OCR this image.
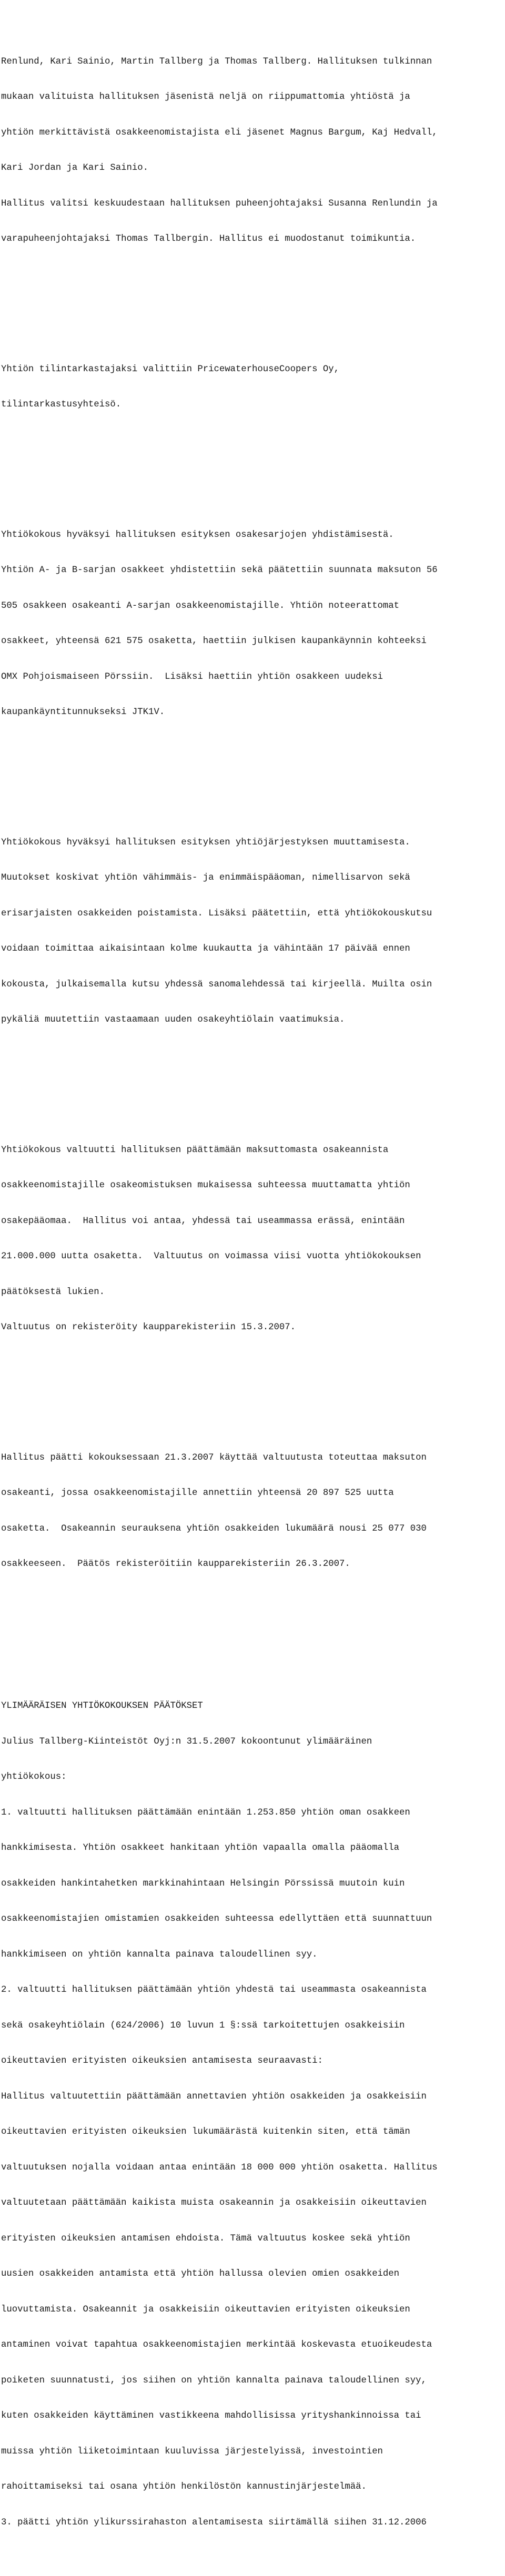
Renlund, Kari Sainio, Martin Tallberg ja Thomas Tallberg. Hallituksen tulkinnan

mukaan valituista hallituksen jäsenistä neljä on riippumattomia yhtiöstä ja

yhtiön merkittävistä osakkeenomistajista eli jäsenet Magnus Bargum, Kaj Hedvall,

Kari Jordan ja Kari Sainio.

Hallitus valitsi keskuudestaan hallituksen puheenjohtajaksi Susanna Renlundin ja

varapuheenjohtajaksi Thomas Tallbergin. Hallitus ei muodostanut toimikuntia.

Yhtiön tilintarkastajaksi valittiin PricewaterhouseCoopers Oy,

tilintarkastusyhteisö.

Yhtiökokous hyväksyi hallituksen esityksen osakesarjojen yhdistämisestä.

Yhtiön A- ja B-sarjan osakkeet yhdistettiin sekä päätettiin suunnata maksuton 56

505 osakkeen osakeanti A-sarjan osakkeenomistajille. Yhtiön noteerattomat

osakkeet, yhteensä 621 575 osaketta, haettiin julkisen kaupankäynnin kohteeksi

OMX Pohjoismaiseen Pörssiin.  Lisäksi haettiin yhtiön osakkeen uudeksi

kaupankäyntitunnukseksi JTK1V.

Yhtiökokous hyväksyi hallituksen esityksen yhtiöjärjestyksen muuttamisesta.

Muutokset koskivat yhtiön vähimmäis- ja enimmäispääoman, nimellisarvon sekä

erisarjaisten osakkeiden poistamista. Lisäksi päätettiin, että yhtiökokouskutsu

voidaan toimittaa aikaisintaan kolme kuukautta ja vähintään 17 päivää ennen

kokousta, julkaisemalla kutsu yhdessä sanomalehdessä tai kirjeellä. Muilta osin

pykäliä muutettiin vastaamaan uuden osakeyhtiölain vaatimuksia.

Yhtiökokous valtuutti hallituksen päättämään maksuttomasta osakeannista

osakkeenomistajille osakeomistuksen mukaisessa suhteessa muuttamatta yhtiön

osakepääomaa.  Hallitus voi antaa, yhdessä tai useammassa erässä, enintään

21.000.000 uutta osaketta.  Valtuutus on voimassa viisi vuotta yhtiökokouksen

päätöksestä lukien.

Valtuutus on rekisteröity kaupparekisteriin 15.3.2007.

Hallitus päätti kokouksessaan 21.3.2007 käyttää valtuutusta toteuttaa maksuton

osakeanti, jossa osakkeenomistajille annettiin yhteensä 20 897 525 uutta

osaketta.  Osakeannin seurauksena yhtiön osakkeiden lukumäärä nousi 25 077 030

osakkeeseen.  Päätös rekisteröitiin kaupparekisteriin 26.3.2007.

YLIMÄÄRÄISEN YHTIÖKOKOUKSEN PÄÄTÖKSET

Julius Tallberg-Kiinteistöt Oyj:n 31.5.2007 kokoontunut ylimääräinen

yhtiökokous:

1. valtuutti hallituksen päättämään enintään 1.253.850 yhtiön oman osakkeen

hankkimisesta. Yhtiön osakkeet hankitaan yhtiön vapaalla omalla pääomalla

osakkeiden hankintahetken markkinahintaan Helsingin Pörssissä muutoin kuin

osakkeenomistajien omistamien osakkeiden suhteessa edellyttäen että suunnattuun

hankkimiseen on yhtiön kannalta painava taloudellinen syy.

2. valtuutti hallituksen päättämään yhtiön yhdestä tai useammasta osakeannista

sekä osakeyhtiölain (624/2006) 10 luvun 1 §:ssä tarkoitettujen osakkeisiin

oikeuttavien erityisten oikeuksien antamisesta seuraavasti:

Hallitus valtuutettiin päättämään annettavien yhtiön osakkeiden ja osakkeisiin

oikeuttavien erityisten oikeuksien lukumäärästä kuitenkin siten, että tämän

valtuutuksen nojalla voidaan antaa enintään 18 000 000 yhtiön osaketta. Hallitus

valtuutetaan päättämään kaikista muista osakeannin ja osakkeisiin oikeuttavien

erityisten oikeuksien antamisen ehdoista. Tämä valtuutus koskee sekä yhtiön

uusien osakkeiden antamista että yhtiön hallussa olevien omien osakkeiden

luovuttamista. Osakeannit ja osakkeisiin oikeuttavien erityisten oikeuksien

antaminen voivat tapahtua osakkeenomistajien merkintää koskevasta etuoikeudesta

poiketen suunnatusti, jos siihen on yhtiön kannalta painava taloudellinen syy,

kuten osakkeiden käyttäminen vastikkeena mahdollisissa yrityshankinnoissa tai

muissa yhtiön liiketoimintaan kuuluvissa järjestelyissä, investointien

rahoittamiseksi tai osana yhtiön henkilöstön kannustinjärjestelmää.

3. päätti yhtiön ylikurssirahaston alentamisesta siirtämällä siihen 31.12.2006
